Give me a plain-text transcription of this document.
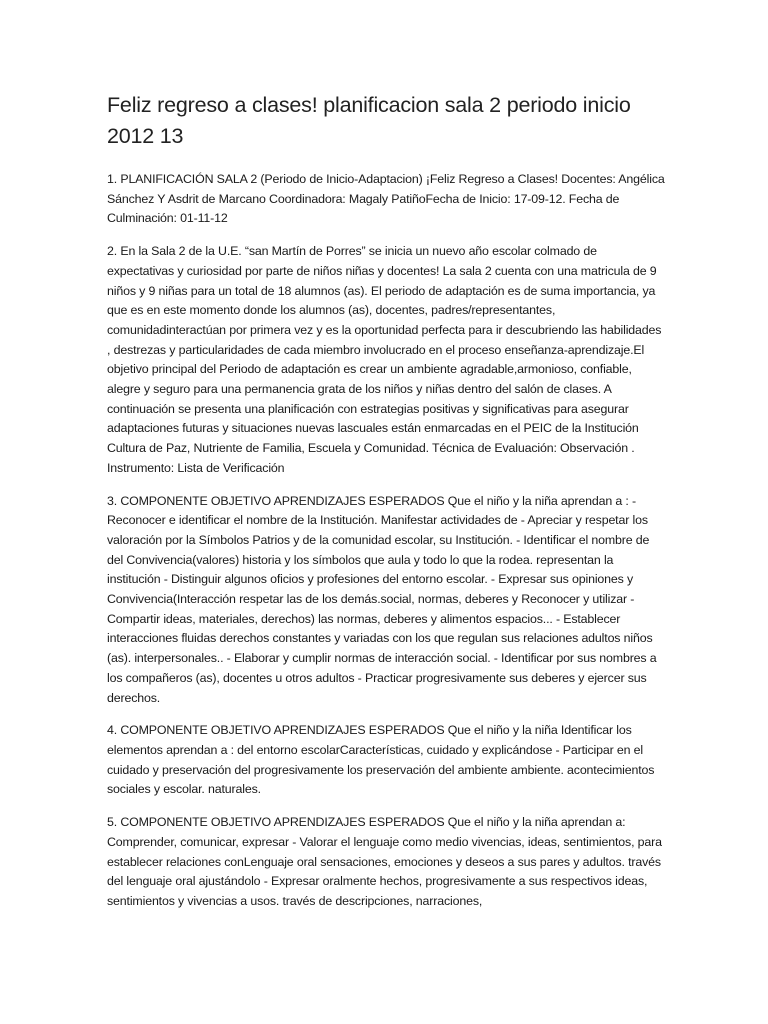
Feliz regreso a clases! planificacion sala 2 periodo inicio 2012 13

1. PLANIFICACIÓN SALA 2 (Periodo de Inicio-Adaptacion) ¡Feliz Regreso a Clases! Docentes: Angélica Sánchez Y Asdrit de Marcano Coordinadora: Magaly PatiñoFecha de Inicio: 17-09-12. Fecha de Culminación: 01-11-12

2. En la Sala 2 de la U.E. “san Martín de Porres” se inicia un nuevo año escolar colmado de expectativas y curiosidad por parte de niños niñas y docentes! La sala 2 cuenta con una matricula de 9 niños y 9 niñas para un total de 18 alumnos (as). El periodo de adaptación es de suma importancia, ya que es en este momento donde los alumnos (as), docentes, padres/representantes, comunidadinteractúan por primera vez y es la oportunidad perfecta para ir descubriendo las habilidades , destrezas y particularidades de cada miembro involucrado en el proceso enseñanza-aprendizaje.El objetivo principal del Periodo de adaptación es crear un ambiente agradable,armonioso, confiable, alegre y seguro para una permanencia grata de los niños y niñas dentro del salón de clases. A continuación se presenta una planificación con estrategias positivas y significativas para asegurar adaptaciones futuras y situaciones nuevas lascuales están enmarcadas en el PEIC de la Institución Cultura de Paz, Nutriente de Familia, Escuela y Comunidad. Técnica de Evaluación: Observación . Instrumento: Lista de Verificación

3. COMPONENTE OBJETIVO APRENDIZAJES ESPERADOS Que el niño y la niña aprendan a : - Reconocer e identificar el nombre de la Institución. Manifestar actividades de - Apreciar y respetar los valoración por la Símbolos Patrios y de la comunidad escolar, su Institución. - Identificar el nombre de del Convivencia(valores) historia y los símbolos que aula y todo lo que la rodea. representan la institución - Distinguir algunos oficios y profesiones del entorno escolar. - Expresar sus opiniones y Convivencia(Interacción respetar las de los demás.social, normas, deberes y Reconocer y utilizar - Compartir ideas, materiales, derechos) las normas, deberes y alimentos espacios... - Establecer interacciones fluidas derechos constantes y variadas con los que regulan sus relaciones adultos niños (as). interpersonales.. - Elaborar y cumplir normas de interacción social. - Identificar por sus nombres a los compañeros (as), docentes u otros adultos - Practicar progresivamente sus deberes y ejercer sus derechos.

4. COMPONENTE OBJETIVO APRENDIZAJES ESPERADOS Que el niño y la niña Identificar los elementos aprendan a : del entorno escolarCaracterísticas, cuidado y explicándose - Participar en el cuidado y preservación del progresivamente los preservación del ambiente ambiente. acontecimientos sociales y escolar. naturales.

5. COMPONENTE OBJETIVO APRENDIZAJES ESPERADOS Que el niño y la niña aprendan a: Comprender, comunicar, expresar - Valorar el lenguaje como medio vivencias, ideas, sentimientos, para establecer relaciones conLenguaje oral sensaciones, emociones y deseos a sus pares y adultos. través del lenguaje oral ajustándolo - Expresar oralmente hechos, progresivamente a sus respectivos ideas, sentimientos y vivencias a usos. través de descripciones, narraciones,
